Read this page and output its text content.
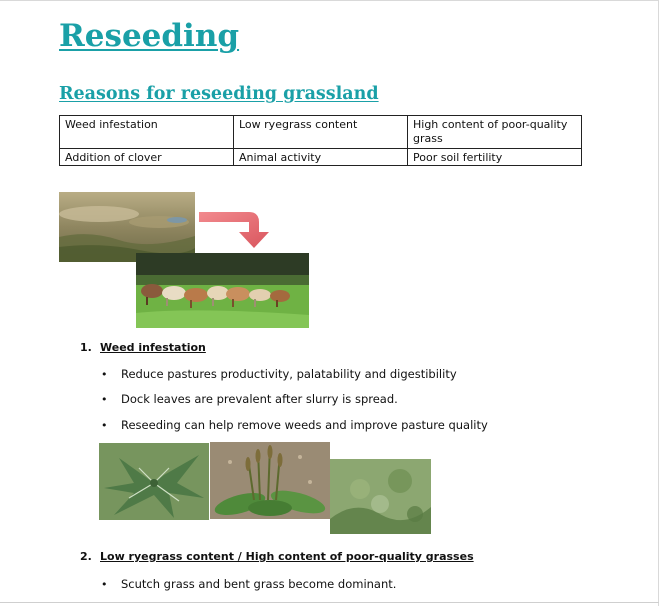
Reseeding
Reasons for reseeding grassland
Weed infestation	Low ryegrass content	High content of poor-quality grass
Addition of clover	Animal activity	Poor soil fertility
1. Weed infestation
• Reduce pastures productivity, palatability and digestibility
• Dock leaves are prevalent after slurry is spread.
• Reseeding can help remove weeds and improve pasture quality
2. Low ryegrass content / High content of poor-quality grasses
• Scutch grass and bent grass become dominant.
